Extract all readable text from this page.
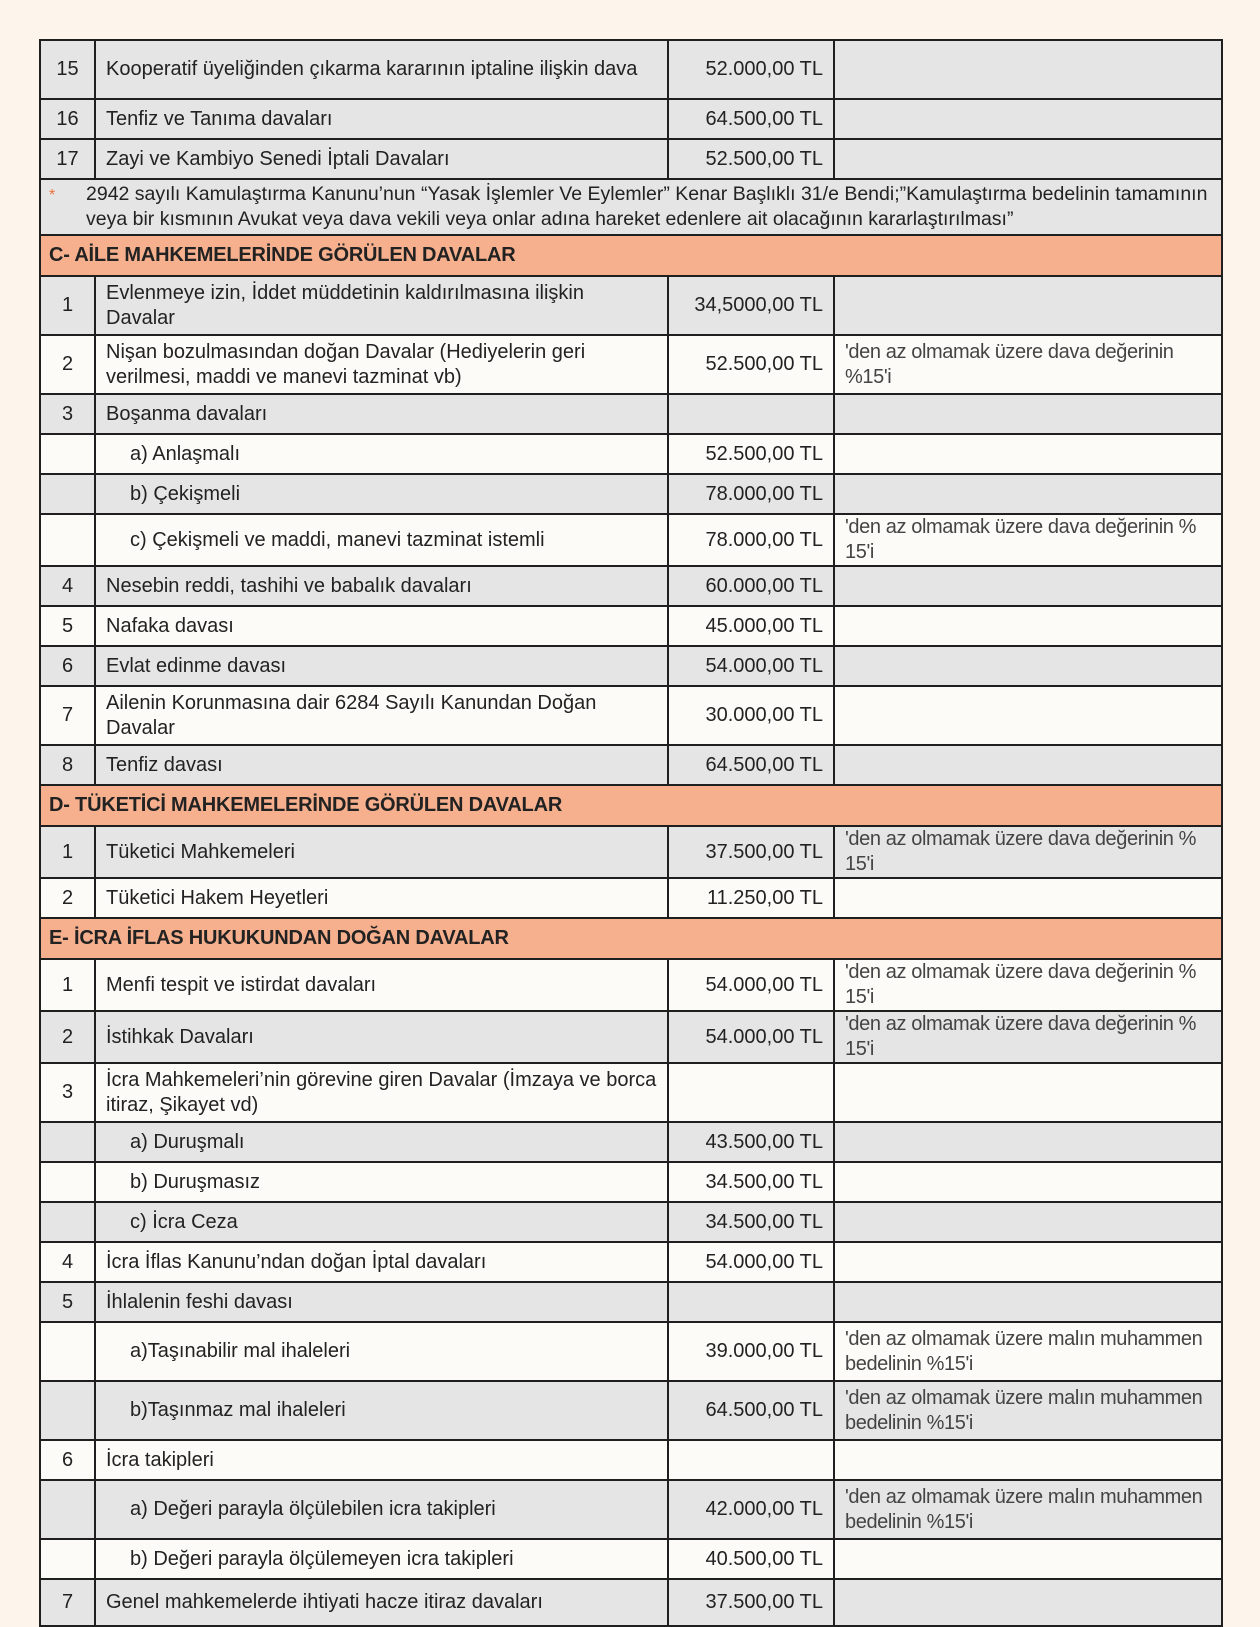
15	Kooperatif üyeliğinden çıkarma kararının iptaline ilişkin dava	52.000,00 TL	
16	Tenfiz ve Tanıma davaları	64.500,00 TL	
17	Zayi ve Kambiyo Senedi İptali Davaları	52.500,00 TL	

* 2942 sayılı Kamulaştırma Kanunu’nun “Yasak İşlemler Ve Eylemler” Kenar Başlıklı 31/e Bendi;”Kamulaştırma bedelinin tamamının veya bir kısmının Avukat veya dava vekili veya onlar adına hareket edenlere ait olacağının kararlaştırılması”			
C- AİLE MAHKEMELERİNDE GÖRÜLEN DAVALAR			
1	Evlenmeye izin, İddet müddetinin kaldırılmasına ilişkin Davalar	34,5000,00 TL	
2	Nişan bozulmasından doğan Davalar (Hediyelerin geri verilmesi, maddi ve manevi tazminat vb)	52.500,00 TL	'den az olmamak üzere dava değerinin %15'i
3	Boşanma davaları		
	a) Anlaşmalı	52.500,00 TL	
	b) Çekişmeli	78.000,00 TL	
	c) Çekişmeli ve maddi, manevi tazminat istemli	78.000,00 TL	'den az olmamak üzere dava değerinin % 15'i
4	Nesebin reddi, tashihi ve babalık davaları	60.000,00 TL	
5	Nafaka davası	45.000,00 TL	
6	Evlat edinme davası	54.000,00 TL	
7	Ailenin Korunmasına dair 6284 Sayılı Kanundan Doğan Davalar	30.000,00 TL	
8	Tenfiz davası	64.500,00 TL	
D- TÜKETİCİ MAHKEMELERİNDE GÖRÜLEN DAVALAR			
1	Tüketici Mahkemeleri	37.500,00 TL	'den az olmamak üzere dava değerinin % 15'i
2	Tüketici Hakem Heyetleri	11.250,00 TL	
E- İCRA İFLAS HUKUKUNDAN DOĞAN DAVALAR			
1	Menfi tespit ve istirdat davaları	54.000,00 TL	'den az olmamak üzere dava değerinin % 15'i
2	İstihkak Davaları	54.000,00 TL	'den az olmamak üzere dava değerinin % 15'i
3	İcra Mahkemeleri’nin görevine giren Davalar (İmzaya ve borca itiraz, Şikayet vd)		
	a) Duruşmalı	43.500,00 TL	
	b) Duruşmasız	34.500,00 TL	
	c) İcra Ceza	34.500,00 TL	
4	İcra İflas Kanunu’ndan doğan İptal davaları	54.000,00 TL	
5	İhlalenin feshi davası		
	a)Taşınabilir mal ihaleleri	39.000,00 TL	'den az olmamak üzere malın muhammen bedelinin %15'i
	b)Taşınmaz mal ihaleleri	64.500,00 TL	'den az olmamak üzere malın muhammen bedelinin %15'i
6	İcra takipleri		
	a) Değeri parayla ölçülebilen icra takipleri	42.000,00 TL	'den az olmamak üzere malın muhammen bedelinin %15'i
	b) Değeri parayla ölçülemeyen icra takipleri	40.500,00 TL	
7	Genel mahkemelerde ihtiyati hacze itiraz davaları	37.500,00 TL	
